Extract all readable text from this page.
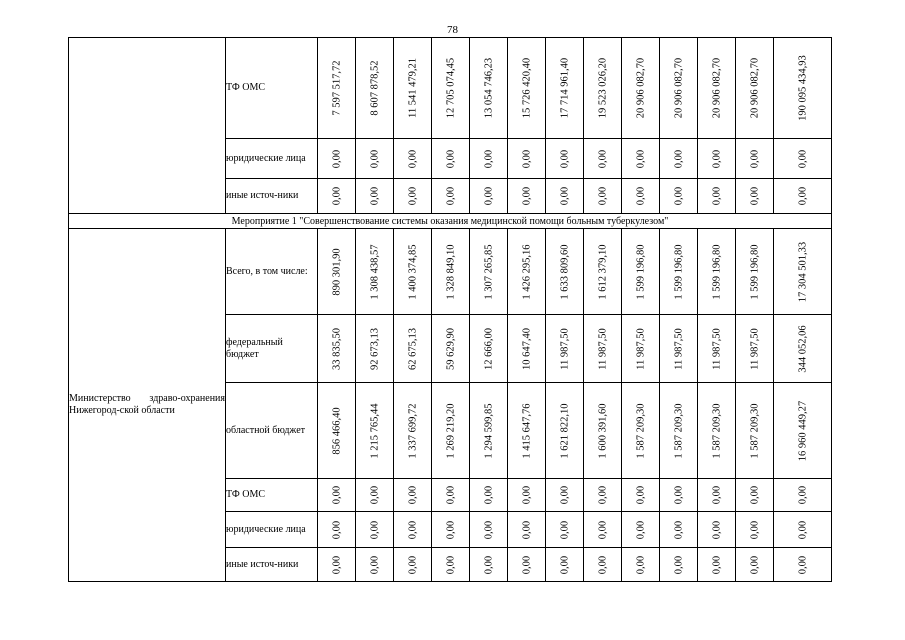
78
	ТФ ОМС	7 597 517,72	8 607 878,52	11 541 479,21	12 705 074,45	13 054 746,23	15 726 420,40	17 714 961,40	19 523 026,20	20 906 082,70	20 906 082,70	20 906 082,70	20 906 082,70	190 095 434,93

	юридические лица	0,00	0,00	0,00	0,00	0,00	0,00	0,00	0,00	0,00	0,00	0,00	0,00	0,00

	иные источ-ники	0,00	0,00	0,00	0,00	0,00	0,00	0,00	0,00	0,00	0,00	0,00	0,00	0,00

Мероприятие 1 "Совершенствование системы оказания медицинской помощи больным туберкулезом"														
Министерство здраво-охранения Нижегород-ской области	Всего, в том числе:	890 301,90	1 308 438,57	1 400 374,85	1 328 849,10	1 307 265,85	1 426 295,16	1 633 809,60	1 612 379,10	1 599 196,80	1 599 196,80	1 599 196,80	1 599 196,80	17 304 501,33

	федеральный бюджет	33 835,50	92 673,13	62 675,13	59 629,90	12 666,00	10 647,40	11 987,50	11 987,50	11 987,50	11 987,50	11 987,50	11 987,50	344 052,06

	областной бюджет	856 466,40	1 215 765,44	1 337 699,72	1 269 219,20	1 294 599,85	1 415 647,76	1 621 822,10	1 600 391,60	1 587 209,30	1 587 209,30	1 587 209,30	1 587 209,30	16 960 449,27

	ТФ ОМС	0,00	0,00	0,00	0,00	0,00	0,00	0,00	0,00	0,00	0,00	0,00	0,00	0,00

	юридические лица	0,00	0,00	0,00	0,00	0,00	0,00	0,00	0,00	0,00	0,00	0,00	0,00	0,00

	иные источ-ники	0,00	0,00	0,00	0,00	0,00	0,00	0,00	0,00	0,00	0,00	0,00	0,00	0,00
